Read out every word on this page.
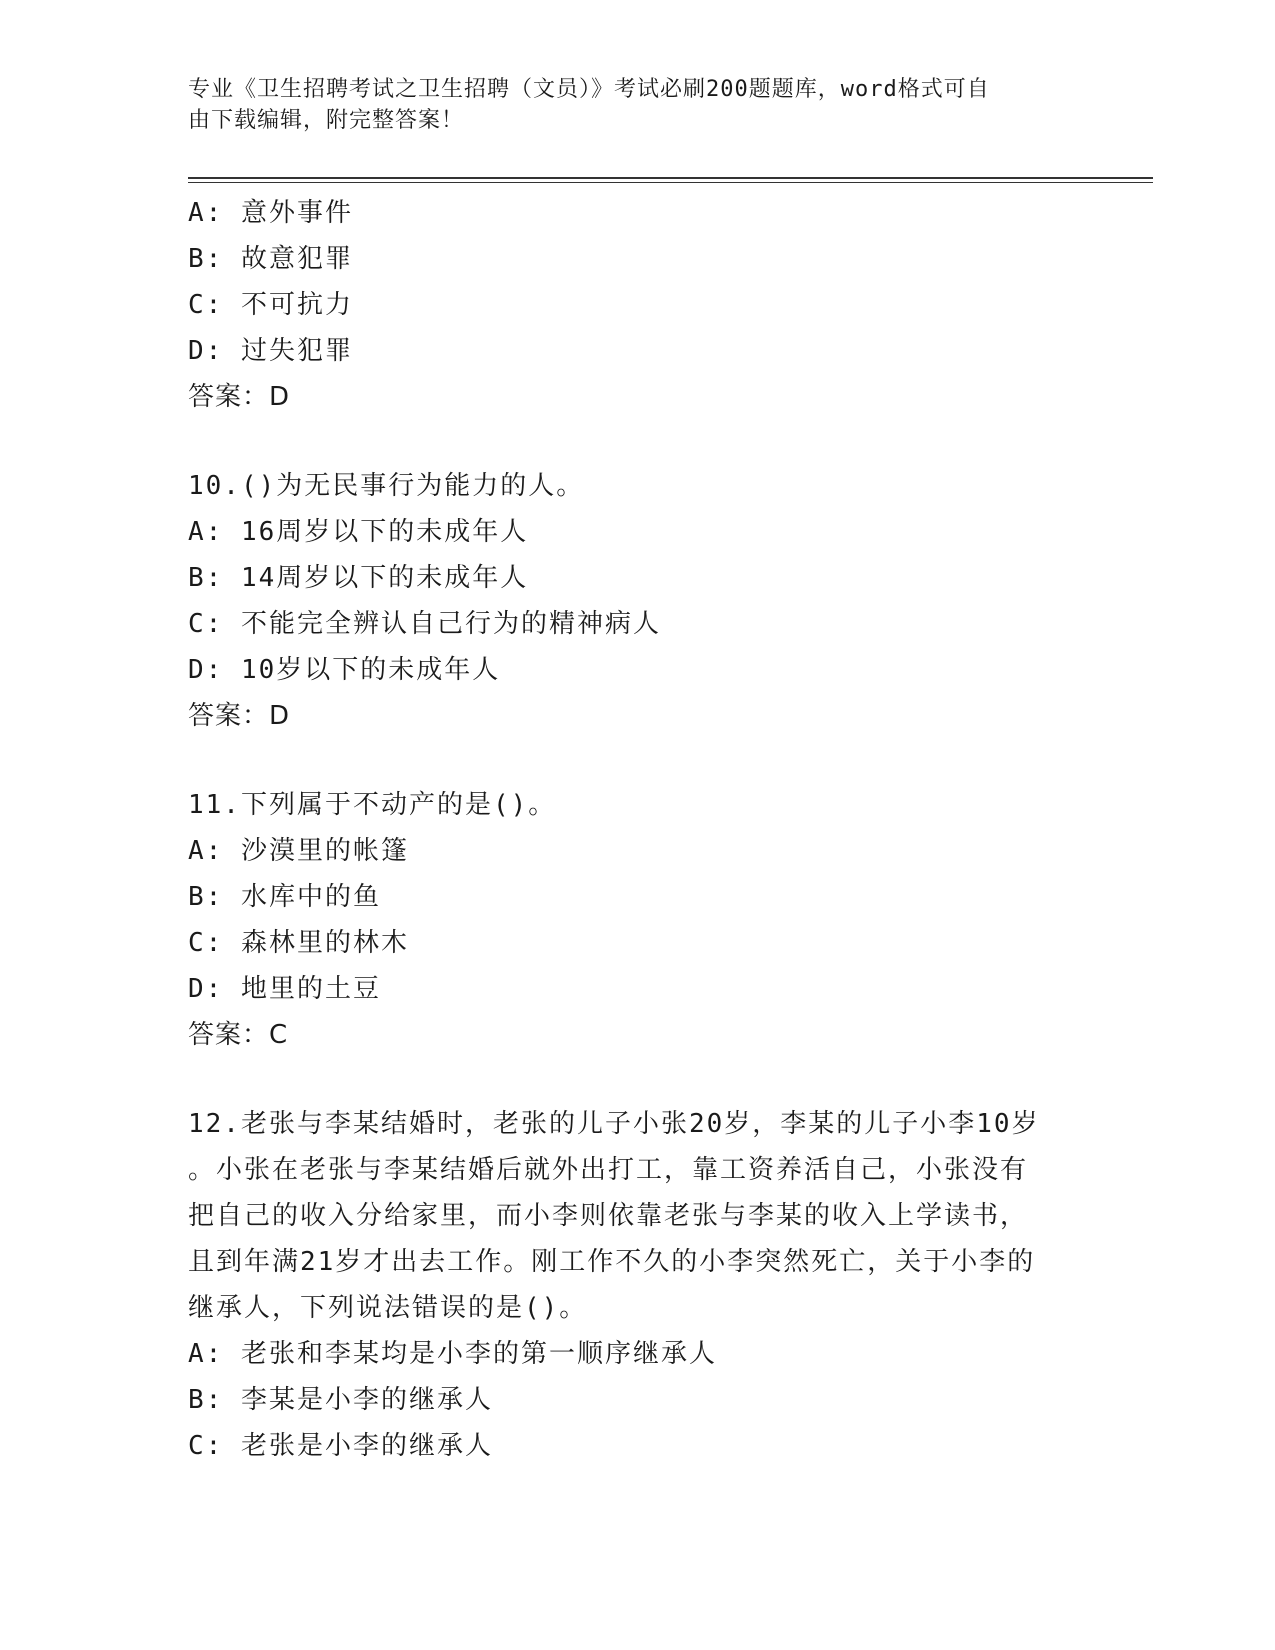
专业《卫生招聘考试之卫生招聘（文员）》考试必刷200题题库，word格式可自
由下载编辑，附完整答案！
A: 意外事件
B: 故意犯罪
C: 不可抗力
D: 过失犯罪
答案：D
10.()为无民事行为能力的人。
A: 16周岁以下的未成年人
B: 14周岁以下的未成年人
C: 不能完全辨认自己行为的精神病人
D: 10岁以下的未成年人
答案：D
11.下列属于不动产的是()。
A: 沙漠里的帐篷
B: 水库中的鱼
C: 森林里的林木
D: 地里的土豆
答案：C
12.老张与李某结婚时，老张的儿子小张20岁，李某的儿子小李10岁
。小张在老张与李某结婚后就外出打工，靠工资养活自己，小张没有
把自己的收入分给家里，而小李则依靠老张与李某的收入上学读书，
且到年满21岁才出去工作。刚工作不久的小李突然死亡，关于小李的
继承人，下列说法错误的是()。
A: 老张和李某均是小李的第一顺序继承人
B: 李某是小李的继承人
C: 老张是小李的继承人
